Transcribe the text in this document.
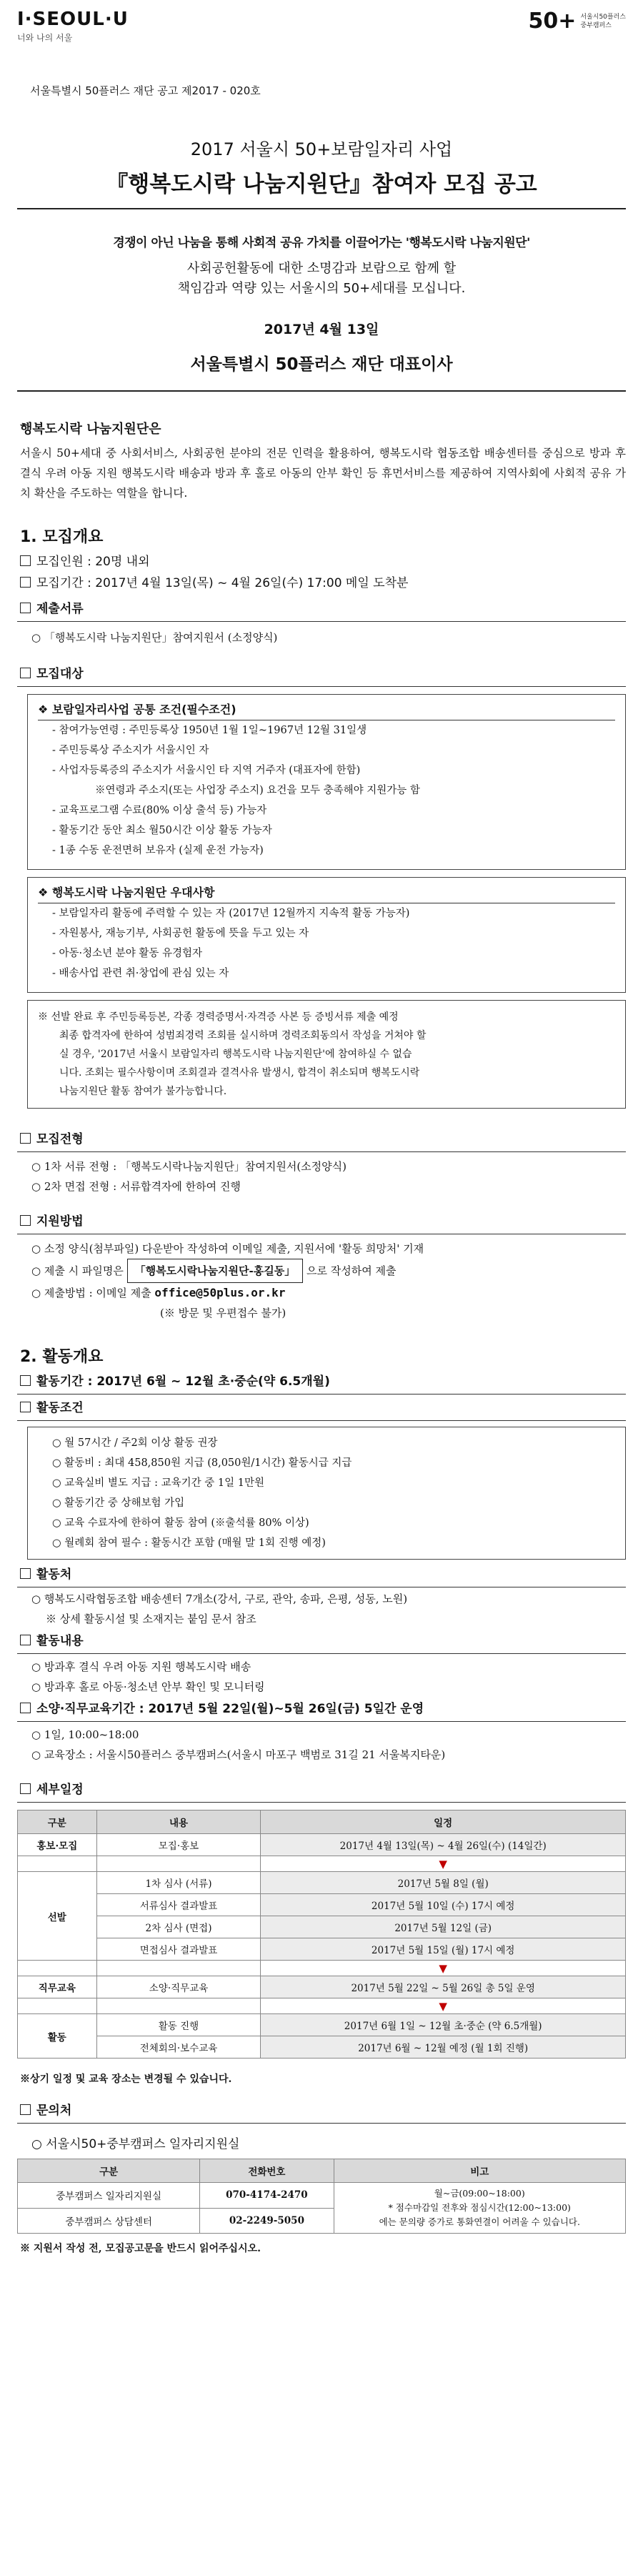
I·SEOUL·U
너와 나의 서울
50+ 서울시50플러스
중부캠퍼스
서울특별시 50플러스 재단 공고 제2017 - 020호
2017 서울시 50+보람일자리 사업
『행복도시락 나눔지원단』참여자 모집 공고
경쟁이 아닌 나눔을 통해 사회적 공유 가치를 이끌어가는 '행복도시락 나눔지원단'
사회공헌활동에 대한 소명감과 보람으로 함께 할
책임감과 역량 있는 서울시의 50+세대를 모십니다.
2017년 4월 13일
서울특별시 50플러스 재단 대표이사
행복도시락 나눔지원단은
서울시 50+세대 중 사회서비스, 사회공헌 분야의 전문 인력을 활용하여, 행복도시락 협동조합 배송센터를 중심으로 방과 후 결식 우려 아동 지원 행복도시락 배송과 방과 후 홀로 아동의 안부 확인 등 휴먼서비스를 제공하여 지역사회에 사회적 공유 가치 확산을 주도하는 역할을 합니다.
1. 모집개요
모집인원 : 20명 내외
모집기간 : 2017년 4월 13일(목) ~ 4월 26일(수) 17:00 메일 도착분
제출서류
○ 「행복도시락 나눔지원단」참여지원서 (소정양식)
모집대상
❖ 보람일자리사업 공통 조건(필수조건)
- 참여가능연령 : 주민등록상 1950년 1월 1일~1967년 12월 31일생
- 주민등록상 주소지가 서울시인 자
- 사업자등록증의 주소지가 서울시인 타 지역 거주자 (대표자에 한함)
※연령과 주소지(또는 사업장 주소지) 요건을 모두 충족해야 지원가능 함
- 교육프로그램 수료(80% 이상 출석 등) 가능자
- 활동기간 동안 최소 월50시간 이상 활동 가능자
- 1종 수동 운전면허 보유자 (실제 운전 가능자)
❖ 행복도시락 나눔지원단 우대사항
- 보람일자리 활동에 주력할 수 있는 자 (2017년 12월까지 지속적 활동 가능자)
- 자원봉사, 재능기부, 사회공헌 활동에 뜻을 두고 있는 자
- 아동·청소년 분야 활동 유경험자
- 배송사업 관련 취·창업에 관심 있는 자
※ 선발 완료 후 주민등록등본, 각종 경력증명서·자격증 사본 등 증빙서류 제출 예정
최종 합격자에 한하여 성범죄경력 조회를 실시하며 경력조회동의서 작성을 거쳐야 할
실 경우, '2017년 서울시 보람일자리 행복도시락 나눔지원단'에 참여하실 수 없습
니다. 조회는 필수사항이며 조회결과 결격사유 발생시, 합격이 취소되며 행복도시락
나눔지원단 활동 참여가 불가능합니다.
모집전형
○ 1차 서류 전형 : 「행복도시락나눔지원단」참여지원서(소정양식)
○ 2차 면접 전형 : 서류합격자에 한하여 진행
지원방법
○ 소정 양식(첨부파일) 다운받아 작성하여 이메일 제출, 지원서에 '활동 희망처' 기재
○ 제출 시 파일명은 「행복도시락나눔지원단-홍길동」 으로 작성하여 제출
○ 제출방법 : 이메일 제출 office@50plus.or.kr
(※ 방문 및 우편접수 불가)
2. 활동개요
활동기간 : 2017년 6월 ~ 12월 초·중순(약 6.5개월)
활동조건
○ 월 57시간 / 주2회 이상 활동 권장
○ 활동비 : 최대 458,850원 지급 (8,050원/1시간) 활동시급 지급
○ 교육실비 별도 지급 : 교육기간 중 1일 1만원
○ 활동기간 중 상해보험 가입
○ 교육 수료자에 한하여 활동 참여 (※출석률 80% 이상)
○ 월례회 참여 필수 : 활동시간 포함 (매월 말 1회 진행 예정)
활동처
○ 행복도시락협동조합 배송센터 7개소(강서, 구로, 관악, 송파, 은평, 성동, 노원)
※ 상세 활동시설 및 소재지는 붙임 문서 참조
활동내용
○ 방과후 결식 우려 아동 지원 행복도시락 배송
○ 방과후 홀로 아동·청소년 안부 확인 및 모니터링
소양·직무교육기간 : 2017년 5월 22일(월)~5월 26일(금) 5일간 운영
○ 1일, 10:00~18:00
○ 교육장소 : 서울시50플러스 중부캠퍼스(서울시 마포구 백범로 31길 21 서울복지타운)
세부일정
구분	내용	일정
홍보·모집	모집·홍보	2017년 4월 13일(목) ~ 4월 26일(수) (14일간)
		▼
선발	1차 심사 (서류)	2017년 5월 8일 (월)
	서류심사 결과발표	2017년 5월 10일 (수) 17시 예정
	2차 심사 (면접)	2017년 5월 12일 (금)
	면접심사 결과발표	2017년 5월 15일 (월) 17시 예정
		▼
직무교육	소양·직무교육	2017년 5월 22일 ~ 5월 26일 총 5일 운영
		▼
활동	활동 진행	2017년 6월 1일 ~ 12월 초·중순 (약 6.5개월)
	전체회의·보수교육	2017년 6월 ~ 12월 예정 (월 1회 진행)
※상기 일정 및 교육 장소는 변경될 수 있습니다.
문의처
○ 서울시50+중부캠퍼스 일자리지원실
구분	전화번호	비고
중부캠퍼스 일자리지원실	070-4174-2470	월~금(09:00~18:00)
* 점수마감일 전후와 점심시간(12:00~13:00)
에는 문의량 증가로 통화연결이 어려울 수 있습니다.

중부캠퍼스 상담센터	02-2249-5050	
※ 지원서 작성 전, 모집공고문을 반드시 읽어주십시오.
